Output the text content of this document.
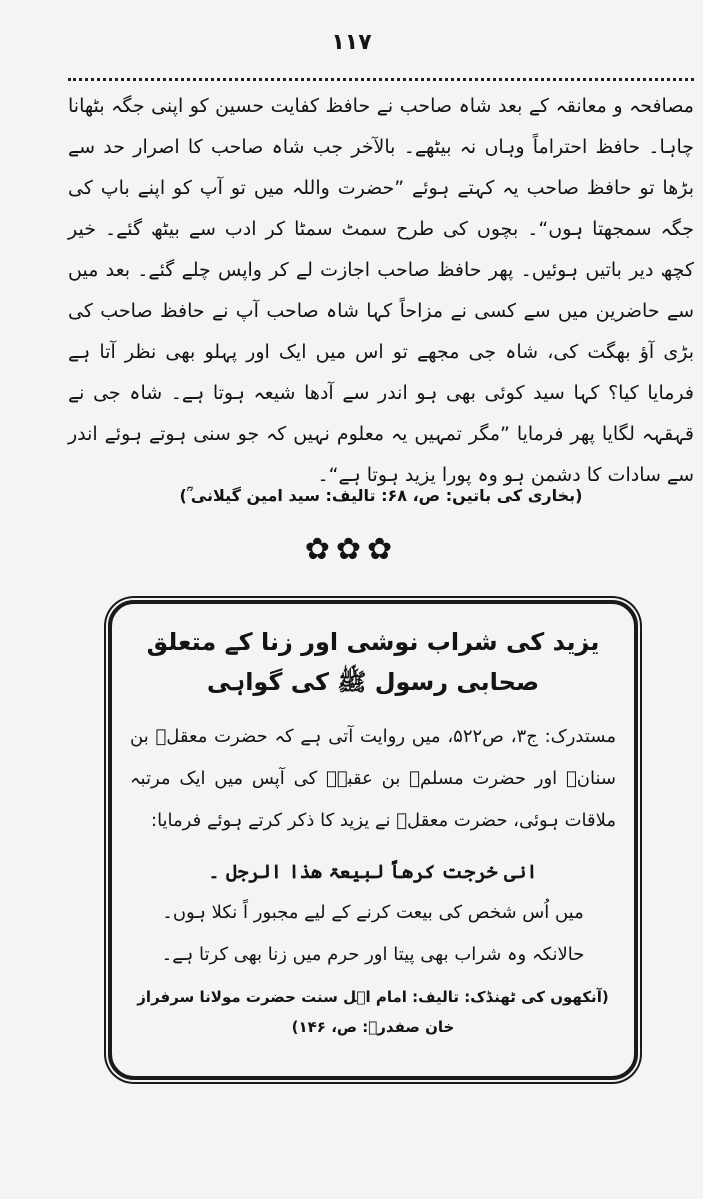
۱۱۷

مصافحہ و معانقہ کے بعد شاہ صاحب نے حافظ کفایت حسین کو اپنی جگہ بٹھانا چاہا۔ حافظ احتراماً وہاں نہ بیٹھے۔ بالآخر جب شاہ صاحب کا اصرار حد سے بڑھا تو حافظ صاحب یہ کہتے ہوئے ”حضرت واللہ میں تو آپ کو اپنے باپ کی جگہ سمجھتا ہوں“۔ بچوں کی طرح سمٹ سمٹا کر ادب سے بیٹھ گئے۔ خیر کچھ دیر باتیں ہوئیں۔ پھر حافظ صاحب اجازت لے کر واپس چلے گئے۔ بعد میں سے حاضرین میں سے کسی نے مزاحاً کہا شاہ صاحب آپ نے حافظ صاحب کی بڑی آؤ بھگت کی، شاہ جی مجھے تو اس میں ایک اور پہلو بھی نظر آتا ہے فرمایا کیا؟ کہا سید کوئی بھی ہو اندر سے آدھا شیعہ ہوتا ہے۔ شاہ جی نے قہقہہ لگایا پھر فرمایا ”مگر تمہیں یہ معلوم نہیں کہ جو سنی ہوتے ہوئے اندر سے سادات کا دشمن ہو وہ پورا یزید ہوتا ہے“۔

(بخاری کی باتیں: ص، ۶۸: تالیف: سید امین گیلانی ؒ)
✿✿✿
یزید کی شراب نوشی اور زنا کے متعلق صحابی رسول ﷺ کی گواہی

مستدرک: ج۳، ص۵۲۲، میں روایت آتی ہے کہ حضرت معقلؓ بن سنانؓ اور حضرت مسلمؒ بن عقبہؒ کی آپس میں ایک مرتبہ ملاقات ہوئی، حضرت معقلؓ نے یزید کا ذکر کرتے ہوئے فرمایا:

انی خرجت کرھاً لبیعۃ ھذا الرجل ۔

میں اُس شخص کی بیعت کرنے کے لیے مجبور اً نکلا ہوں۔

حالانکہ وہ شراب بھی پیتا اور حرم میں زنا بھی کرتا ہے۔

(آنکھوں کی ٹھنڈک: تالیف: امام اہل سنت حضرت مولانا سرفراز خان صفدرؒ: ص، ۱۴۶)
